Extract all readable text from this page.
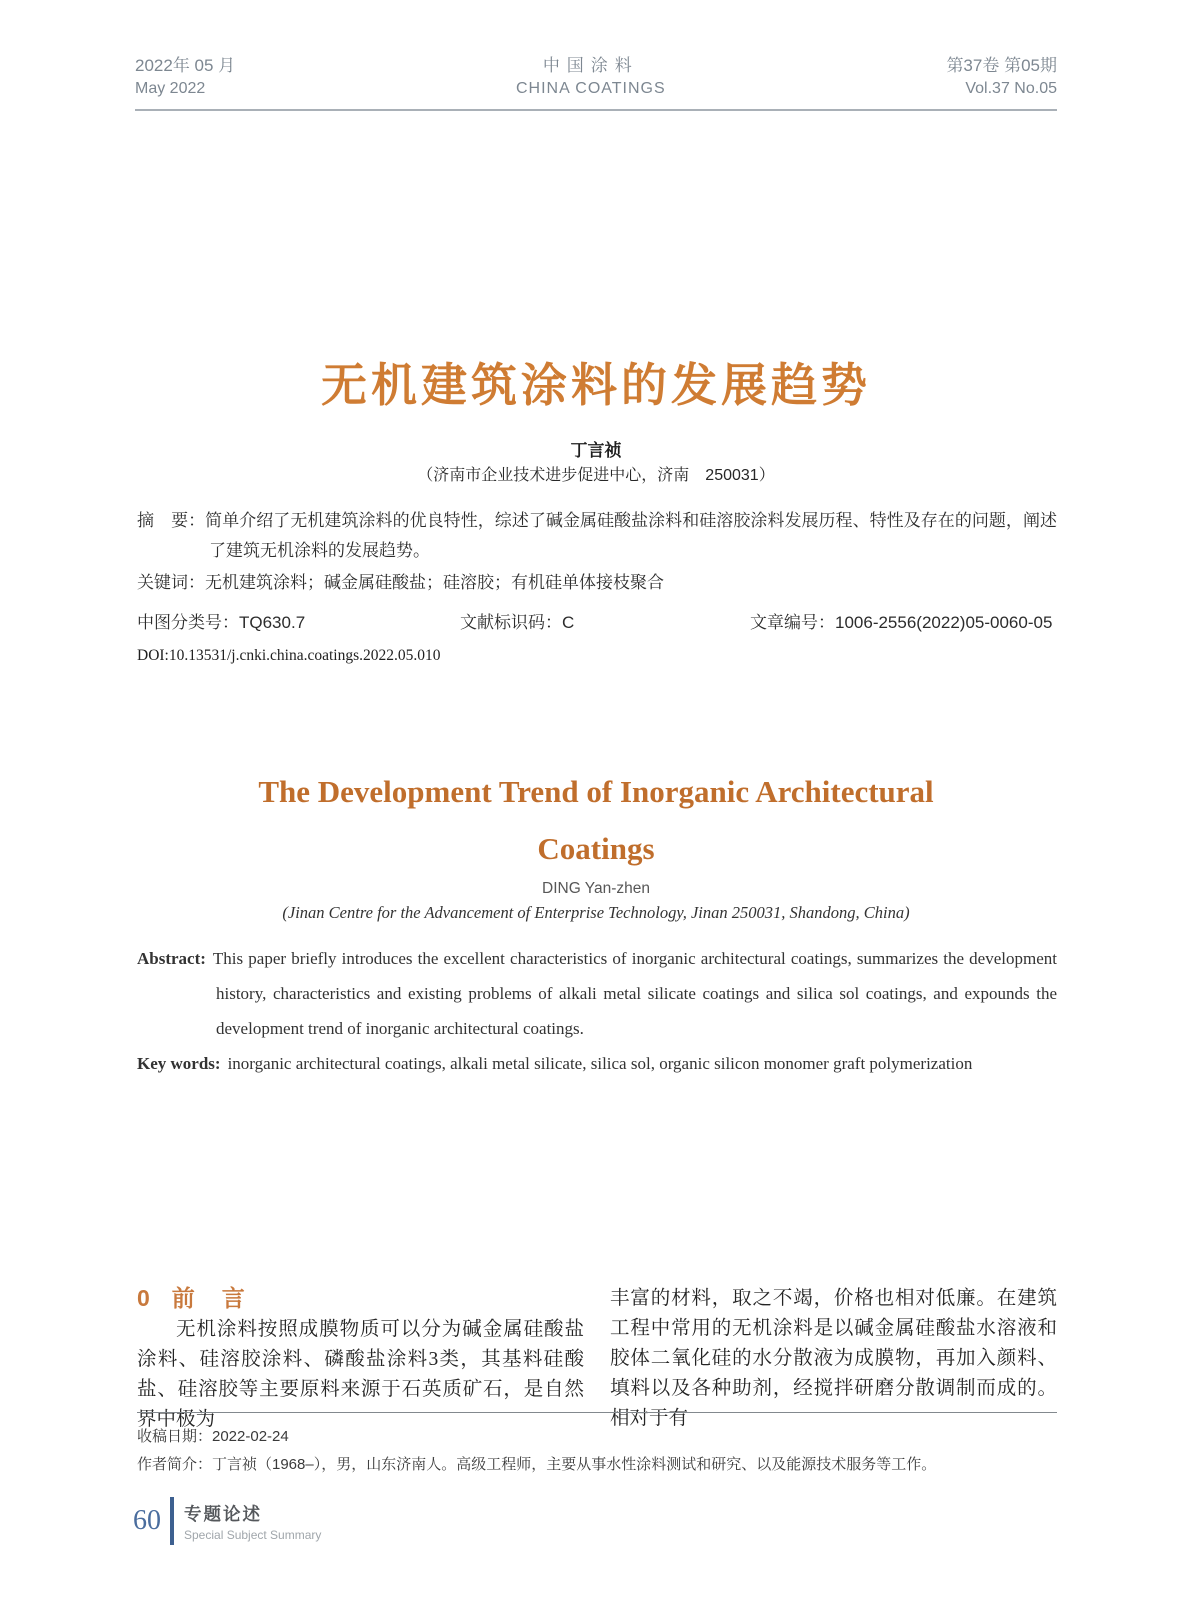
2022年 05 月
May 2022
中国涂料
CHINA COATINGS
第37卷 第05期
Vol.37 No.05
无机建筑涂料的发展趋势
丁言祯
（济南市企业技术进步促进中心，济南　250031）

摘　要：简单介绍了无机建筑涂料的优良特性，综述了碱金属硅酸盐涂料和硅溶胶涂料发展历程、特性及存在的问题，阐述了建筑无机涂料的发展趋势。

关键词：无机建筑涂料；碱金属硅酸盐；硅溶胶；有机硅单体接枝聚合

中图分类号：TQ630.7	文献标识码：C	文章编号：1006-2556(2022)05-0060-05
DOI:10.13531/j.cnki.china.coatings.2022.05.010
The Development Trend of Inorganic Architectural
Coatings
DING Yan-zhen
(Jinan Centre for the Advancement of Enterprise Technology, Jinan 250031, Shandong, China)

Abstract: This paper briefly introduces the excellent characteristics of inorganic architectural coatings, summarizes the development history, characteristics and existing problems of alkali metal silicate coatings and silica sol coatings, and expounds the development trend of inorganic architectural coatings.

Key words: inorganic architectural coatings, alkali metal silicate, silica sol, organic silicon monomer graft polymerization

0 前　言

无机涂料按照成膜物质可以分为碱金属硅酸盐涂料、硅溶胶涂料、磷酸盐涂料3类，其基料硅酸盐、硅溶胶等主要原料来源于石英质矿石，是自然界中极为

丰富的材料，取之不竭，价格也相对低廉。在建筑工程中常用的无机涂料是以碱金属硅酸盐水溶液和胶体二氧化硅的水分散液为成膜物，再加入颜料、填料以及各种助剂，经搅拌研磨分散调制而成的。相对于有

收稿日期：2022-02-24

作者简介：丁言祯（1968–），男，山东济南人。高级工程师，主要从事水性涂料测试和研究、以及能源技术服务等工作。

60 专题论述
Special Subject Summary
